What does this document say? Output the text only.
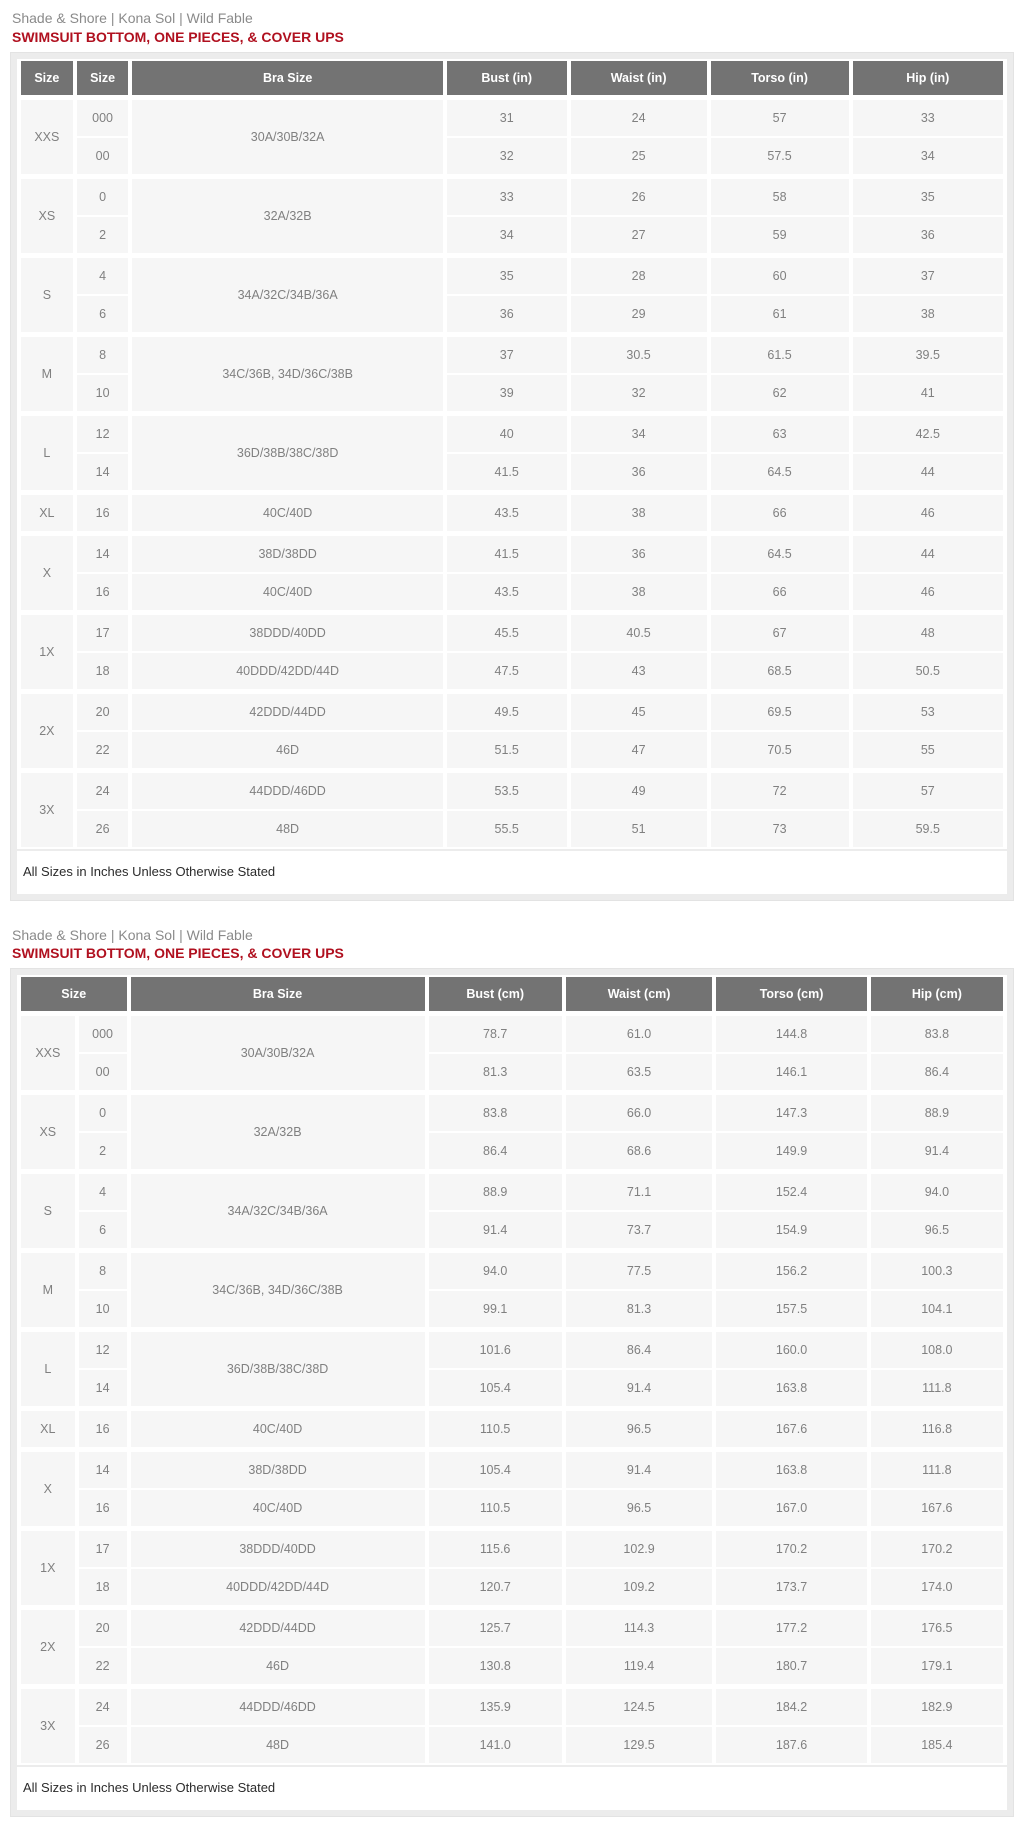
Shade & Shore | Kona Sol | Wild Fable
SWIMSUIT BOTTOM, ONE PIECES, & COVER UPS
Size	Size	Bra Size	Bust (in)	Waist (in)	Torso (in)	Hip (in)
XXS	000	30A/30B/32A	31	24	57	33
	00		32	25	57.5	34
XS	0	32A/32B	33	26	58	35
	2		34	27	59	36
S	4	34A/32C/34B/36A	35	28	60	37
	6		36	29	61	38
M	8	34C/36B, 34D/36C/38B	37	30.5	61.5	39.5
	10		39	32	62	41
L	12	36D/38B/38C/38D	40	34	63	42.5
	14		41.5	36	64.5	44
XL	16	40C/40D	43.5	38	66	46
X	14	38D/38DD	41.5	36	64.5	44
	16	40C/40D	43.5	38	66	46
1X	17	38DDD/40DD	45.5	40.5	67	48
	18	40DDD/42DD/44D	47.5	43	68.5	50.5
2X	20	42DDD/44DD	49.5	45	69.5	53
	22	46D	51.5	47	70.5	55
3X	24	44DDD/46DD	53.5	49	72	57
	26	48D	55.5	51	73	59.5
All Sizes in Inches Unless Otherwise Stated
Shade & Shore | Kona Sol | Wild Fable
SWIMSUIT BOTTOM, ONE PIECES, & COVER UPS
Size		Bra Size	Bust (cm)	Waist (cm)	Torso (cm)	Hip (cm)
XXS	000	30A/30B/32A	78.7	61.0	144.8	83.8
	00		81.3	63.5	146.1	86.4
XS	0	32A/32B	83.8	66.0	147.3	88.9
	2		86.4	68.6	149.9	91.4
S	4	34A/32C/34B/36A	88.9	71.1	152.4	94.0
	6		91.4	73.7	154.9	96.5
M	8	34C/36B, 34D/36C/38B	94.0	77.5	156.2	100.3
	10		99.1	81.3	157.5	104.1
L	12	36D/38B/38C/38D	101.6	86.4	160.0	108.0
	14		105.4	91.4	163.8	111.8
XL	16	40C/40D	110.5	96.5	167.6	116.8
X	14	38D/38DD	105.4	91.4	163.8	111.8
	16	40C/40D	110.5	96.5	167.0	167.6
1X	17	38DDD/40DD	115.6	102.9	170.2	170.2
	18	40DDD/42DD/44D	120.7	109.2	173.7	174.0
2X	20	42DDD/44DD	125.7	114.3	177.2	176.5
	22	46D	130.8	119.4	180.7	179.1
3X	24	44DDD/46DD	135.9	124.5	184.2	182.9
	26	48D	141.0	129.5	187.6	185.4
All Sizes in Inches Unless Otherwise Stated
